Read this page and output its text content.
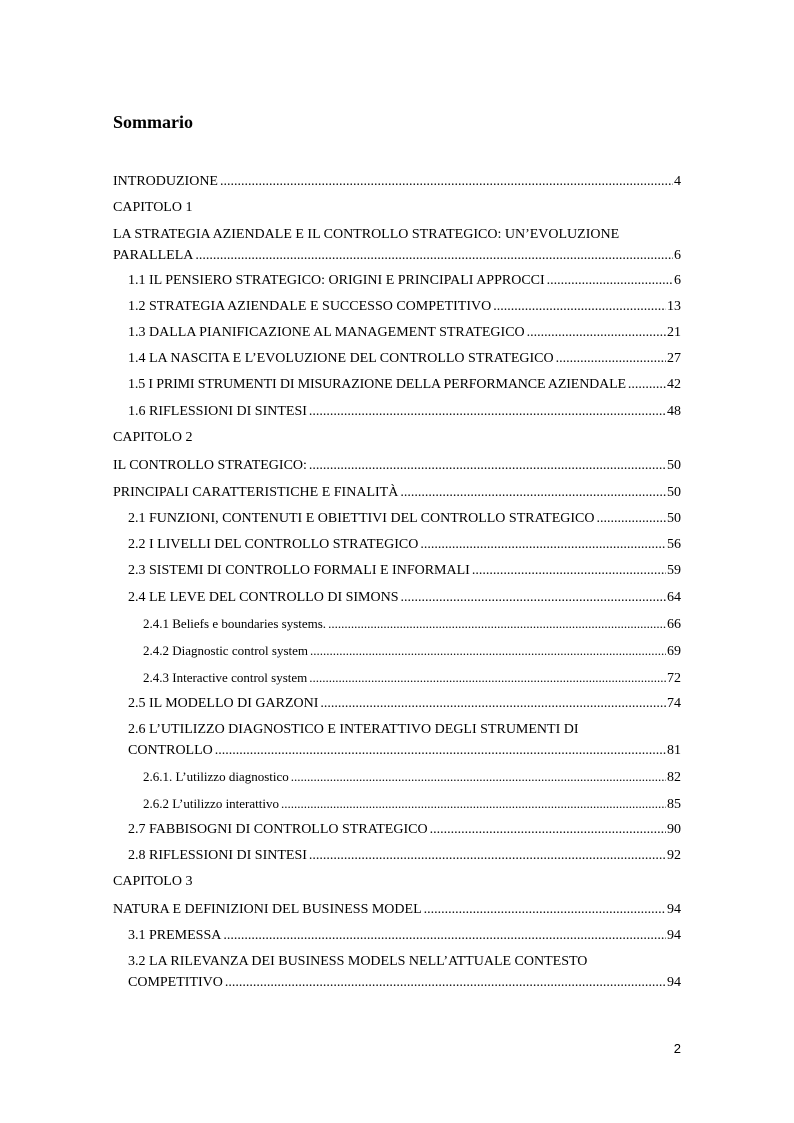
Sommario
INTRODUZIONE .....	4
CAPITOLO 1
LA STRATEGIA AZIENDALE E IL CONTROLLO STRATEGICO: UN’EVOLUZIONE
PARALLELA .....	6
1.1 IL PENSIERO STRATEGICO: ORIGINI E PRINCIPALI APPROCCI .....	6
1.2 STRATEGIA AZIENDALE E SUCCESSO COMPETITIVO .....	13
1.3 DALLA PIANIFICAZIONE AL MANAGEMENT STRATEGICO .....	21
1.4 LA NASCITA E L’EVOLUZIONE DEL CONTROLLO STRATEGICO .....	27
1.5 I PRIMI STRUMENTI DI MISURAZIONE DELLA PERFORMANCE AZIENDALE .....	42
1.6 RIFLESSIONI DI SINTESI .....	48
CAPITOLO 2
IL CONTROLLO STRATEGICO: .....	50
PRINCIPALI CARATTERISTICHE E FINALITÀ .....	50
2.1 FUNZIONI, CONTENUTI E OBIETTIVI DEL CONTROLLO STRATEGICO .....	50
2.2 I LIVELLI DEL CONTROLLO STRATEGICO .....	56
2.3 SISTEMI DI CONTROLLO FORMALI E INFORMALI .....	59
2.4 LE LEVE DEL CONTROLLO DI SIMONS .....	64
2.4.1 Beliefs e boundaries systems. .....	66
2.4.2 Diagnostic control system .....	69
2.4.3 Interactive control system .....	72
2.5 IL MODELLO DI GARZONI .....	74
2.6 L’UTILIZZO DIAGNOSTICO E INTERATTIVO DEGLI STRUMENTI DI
CONTROLLO .....	81
2.6.1. L’utilizzo diagnostico .....	82
2.6.2 L’utilizzo interattivo .....	85
2.7 FABBISOGNI DI CONTROLLO STRATEGICO .....	90
2.8 RIFLESSIONI DI SINTESI .....	92
CAPITOLO 3
NATURA E DEFINIZIONI DEL BUSINESS MODEL .....	94
3.1 PREMESSA .....	94
3.2 LA RILEVANZA DEI BUSINESS MODELS NELL’ATTUALE CONTESTO
COMPETITIVO .....	94
2
